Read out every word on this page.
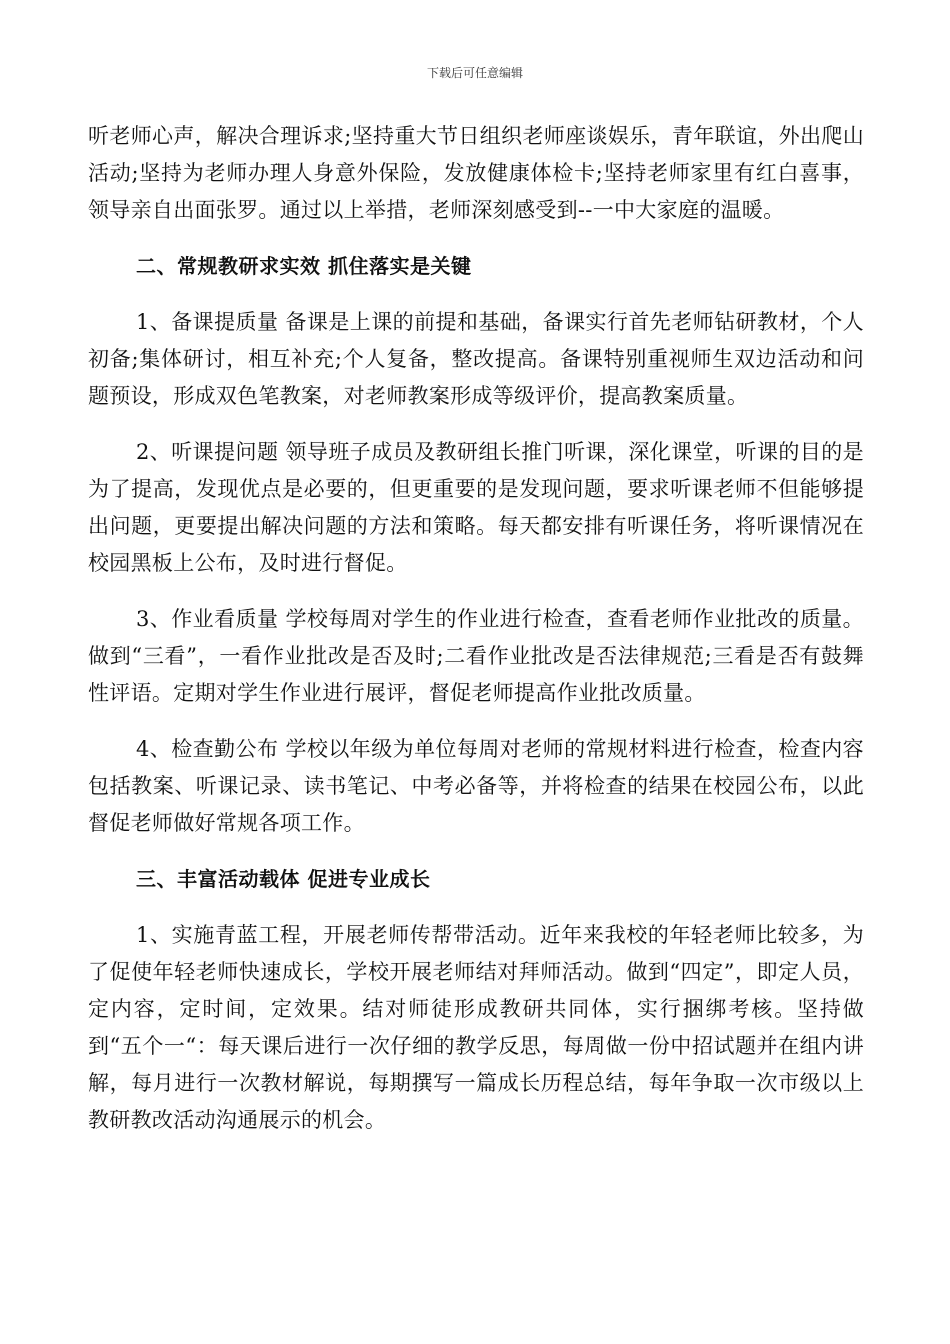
下载后可任意编辑

听老师心声，解决合理诉求;坚持重大节日组织老师座谈娱乐，青年联谊，外出爬山活动;坚持为老师办理人身意外保险，发放健康体检卡;坚持老师家里有红白喜事，领导亲自出面张罗。通过以上举措，老师深刻感受到--一中大家庭的温暖。

二、常规教研求实效 抓住落实是关键

1、备课提质量 备课是上课的前提和基础，备课实行首先老师钻研教材，个人初备;集体研讨，相互补充;个人复备，整改提高。备课特别重视师生双边活动和问题预设，形成双色笔教案，对老师教案形成等级评价，提高教案质量。

2、听课提问题 领导班子成员及教研组长推门听课，深化课堂，听课的目的是为了提高，发现优点是必要的，但更重要的是发现问题，要求听课老师不但能够提出问题，更要提出解决问题的方法和策略。每天都安排有听课任务，将听课情况在校园黑板上公布，及时进行督促。

3、作业看质量 学校每周对学生的作业进行检查，查看老师作业批改的质量。做到“三看”，一看作业批改是否及时;二看作业批改是否法律规范;三看是否有鼓舞性评语。定期对学生作业进行展评，督促老师提高作业批改质量。

4、检查勤公布 学校以年级为单位每周对老师的常规材料进行检查，检查内容包括教案、听课记录、读书笔记、中考必备等，并将检查的结果在校园公布，以此督促老师做好常规各项工作。

三、丰富活动载体 促进专业成长

1、实施青蓝工程，开展老师传帮带活动。近年来我校的年轻老师比较多，为了促使年轻老师快速成长，学校开展老师结对拜师活动。做到“四定”，即定人员，定内容，定时间，定效果。结对师徒形成教研共同体，实行捆绑考核。坚持做到“五个一“：每天课后进行一次仔细的教学反思，每周做一份中招试题并在组内讲解，每月进行一次教材解说，每期撰写一篇成长历程总结，每年争取一次市级以上教研教改活动沟通展示的机会。
